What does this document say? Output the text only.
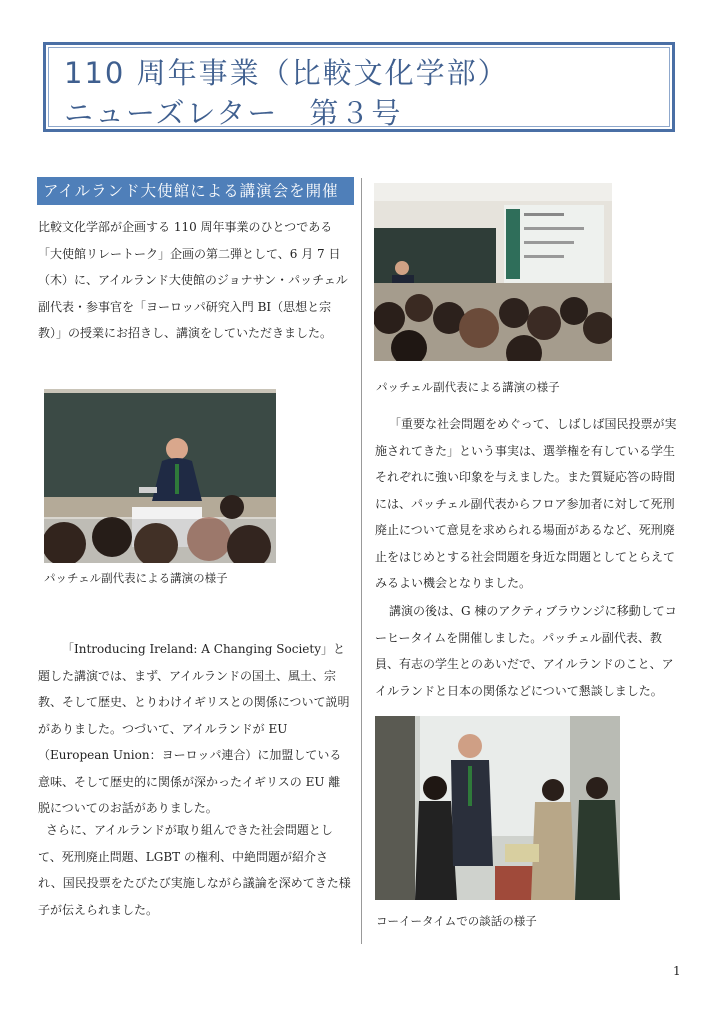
110 周年事業（比較文化学部）
ニューズレター　第３号
アイルランド大使館による講演会を開催

比較文化学部が企画する 110 周年事業のひとつである「大使館リレートーク」企画の第二弾として、6 月 7 日（木）に、アイルランド大使館のジョナサン・パッチェル副代表・参事官を「ヨーロッパ研究入門 BI（思想と宗教）」の授業にお招きし、講演をしていただきました。

パッチェル副代表による講演の様子

「Introducing Ireland: A Changing Society」と題した講演では、まず、アイルランドの国土、風土、宗教、そして歴史、とりわけイギリスとの関係について説明がありました。つづいて、アイルランドが EU（European Union：ヨーロッパ連合）に加盟している意味、そして歴史的に関係が深かったイギリスの EU 離脱についてのお話がありました。

さらに、アイルランドが取り組んできた社会問題として、死刑廃止問題、LGBT の権利、中絶問題が紹介され、国民投票をたびたび実施しながら議論を深めてきた様子が伝えられました。

パッチェル副代表による講演の様子

「重要な社会問題をめぐって、しばしば国民投票が実施されてきた」という事実は、選挙権を有している学生それぞれに強い印象を与えました。また質疑応答の時間には、パッチェル副代表からフロア参加者に対して死刑廃止について意見を求められる場面があるなど、死刑廃止をはじめとする社会問題を身近な問題としてとらえてみるよい機会となりました。

講演の後は、G 棟のアクティブラウンジに移動してコーヒータイムを開催しました。パッチェル副代表、教員、有志の学生とのあいだで、アイルランドのこと、アイルランドと日本の関係などについて懇談しました。

コーイータイムでの談話の様子
1
